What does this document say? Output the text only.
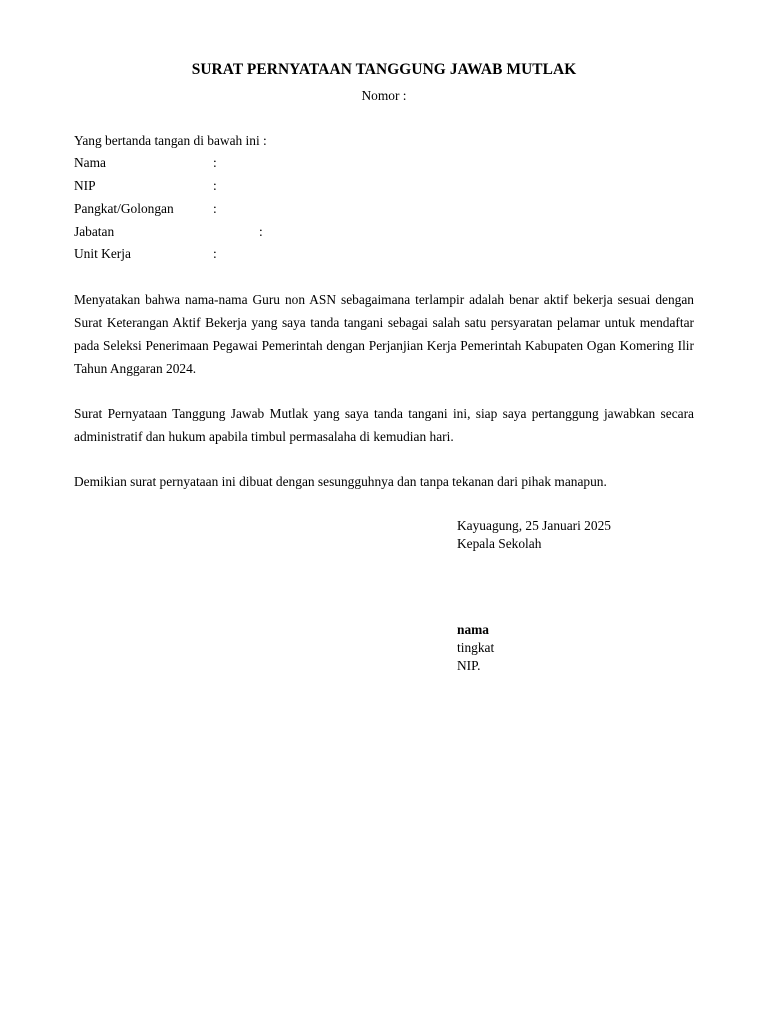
SURAT PERNYATAAN TANGGUNG JAWAB MUTLAK
Nomor :
Yang bertanda tangan di bawah ini :
Nama	:
NIP	:
Pangkat/Golongan	:
Jabatan	:
Unit Kerja	:
Menyatakan bahwa nama-nama Guru non ASN sebagaimana terlampir adalah benar aktif bekerja sesuai dengan Surat Keterangan Aktif Bekerja yang saya tanda tangani sebagai salah satu persyaratan pelamar untuk mendaftar pada Seleksi Penerimaan Pegawai Pemerintah dengan Perjanjian Kerja Pemerintah Kabupaten Ogan Komering Ilir Tahun Anggaran 2024.
Surat Pernyataan Tanggung Jawab Mutlak yang saya tanda tangani ini, siap saya pertanggung jawabkan secara administratif dan hukum apabila timbul permasalaha di kemudian hari.
Demikian surat pernyataan ini dibuat dengan sesungguhnya dan tanpa tekanan dari pihak manapun.
Kayuagung, 25 Januari 2025
Kepala Sekolah
nama
tingkat
NIP.
